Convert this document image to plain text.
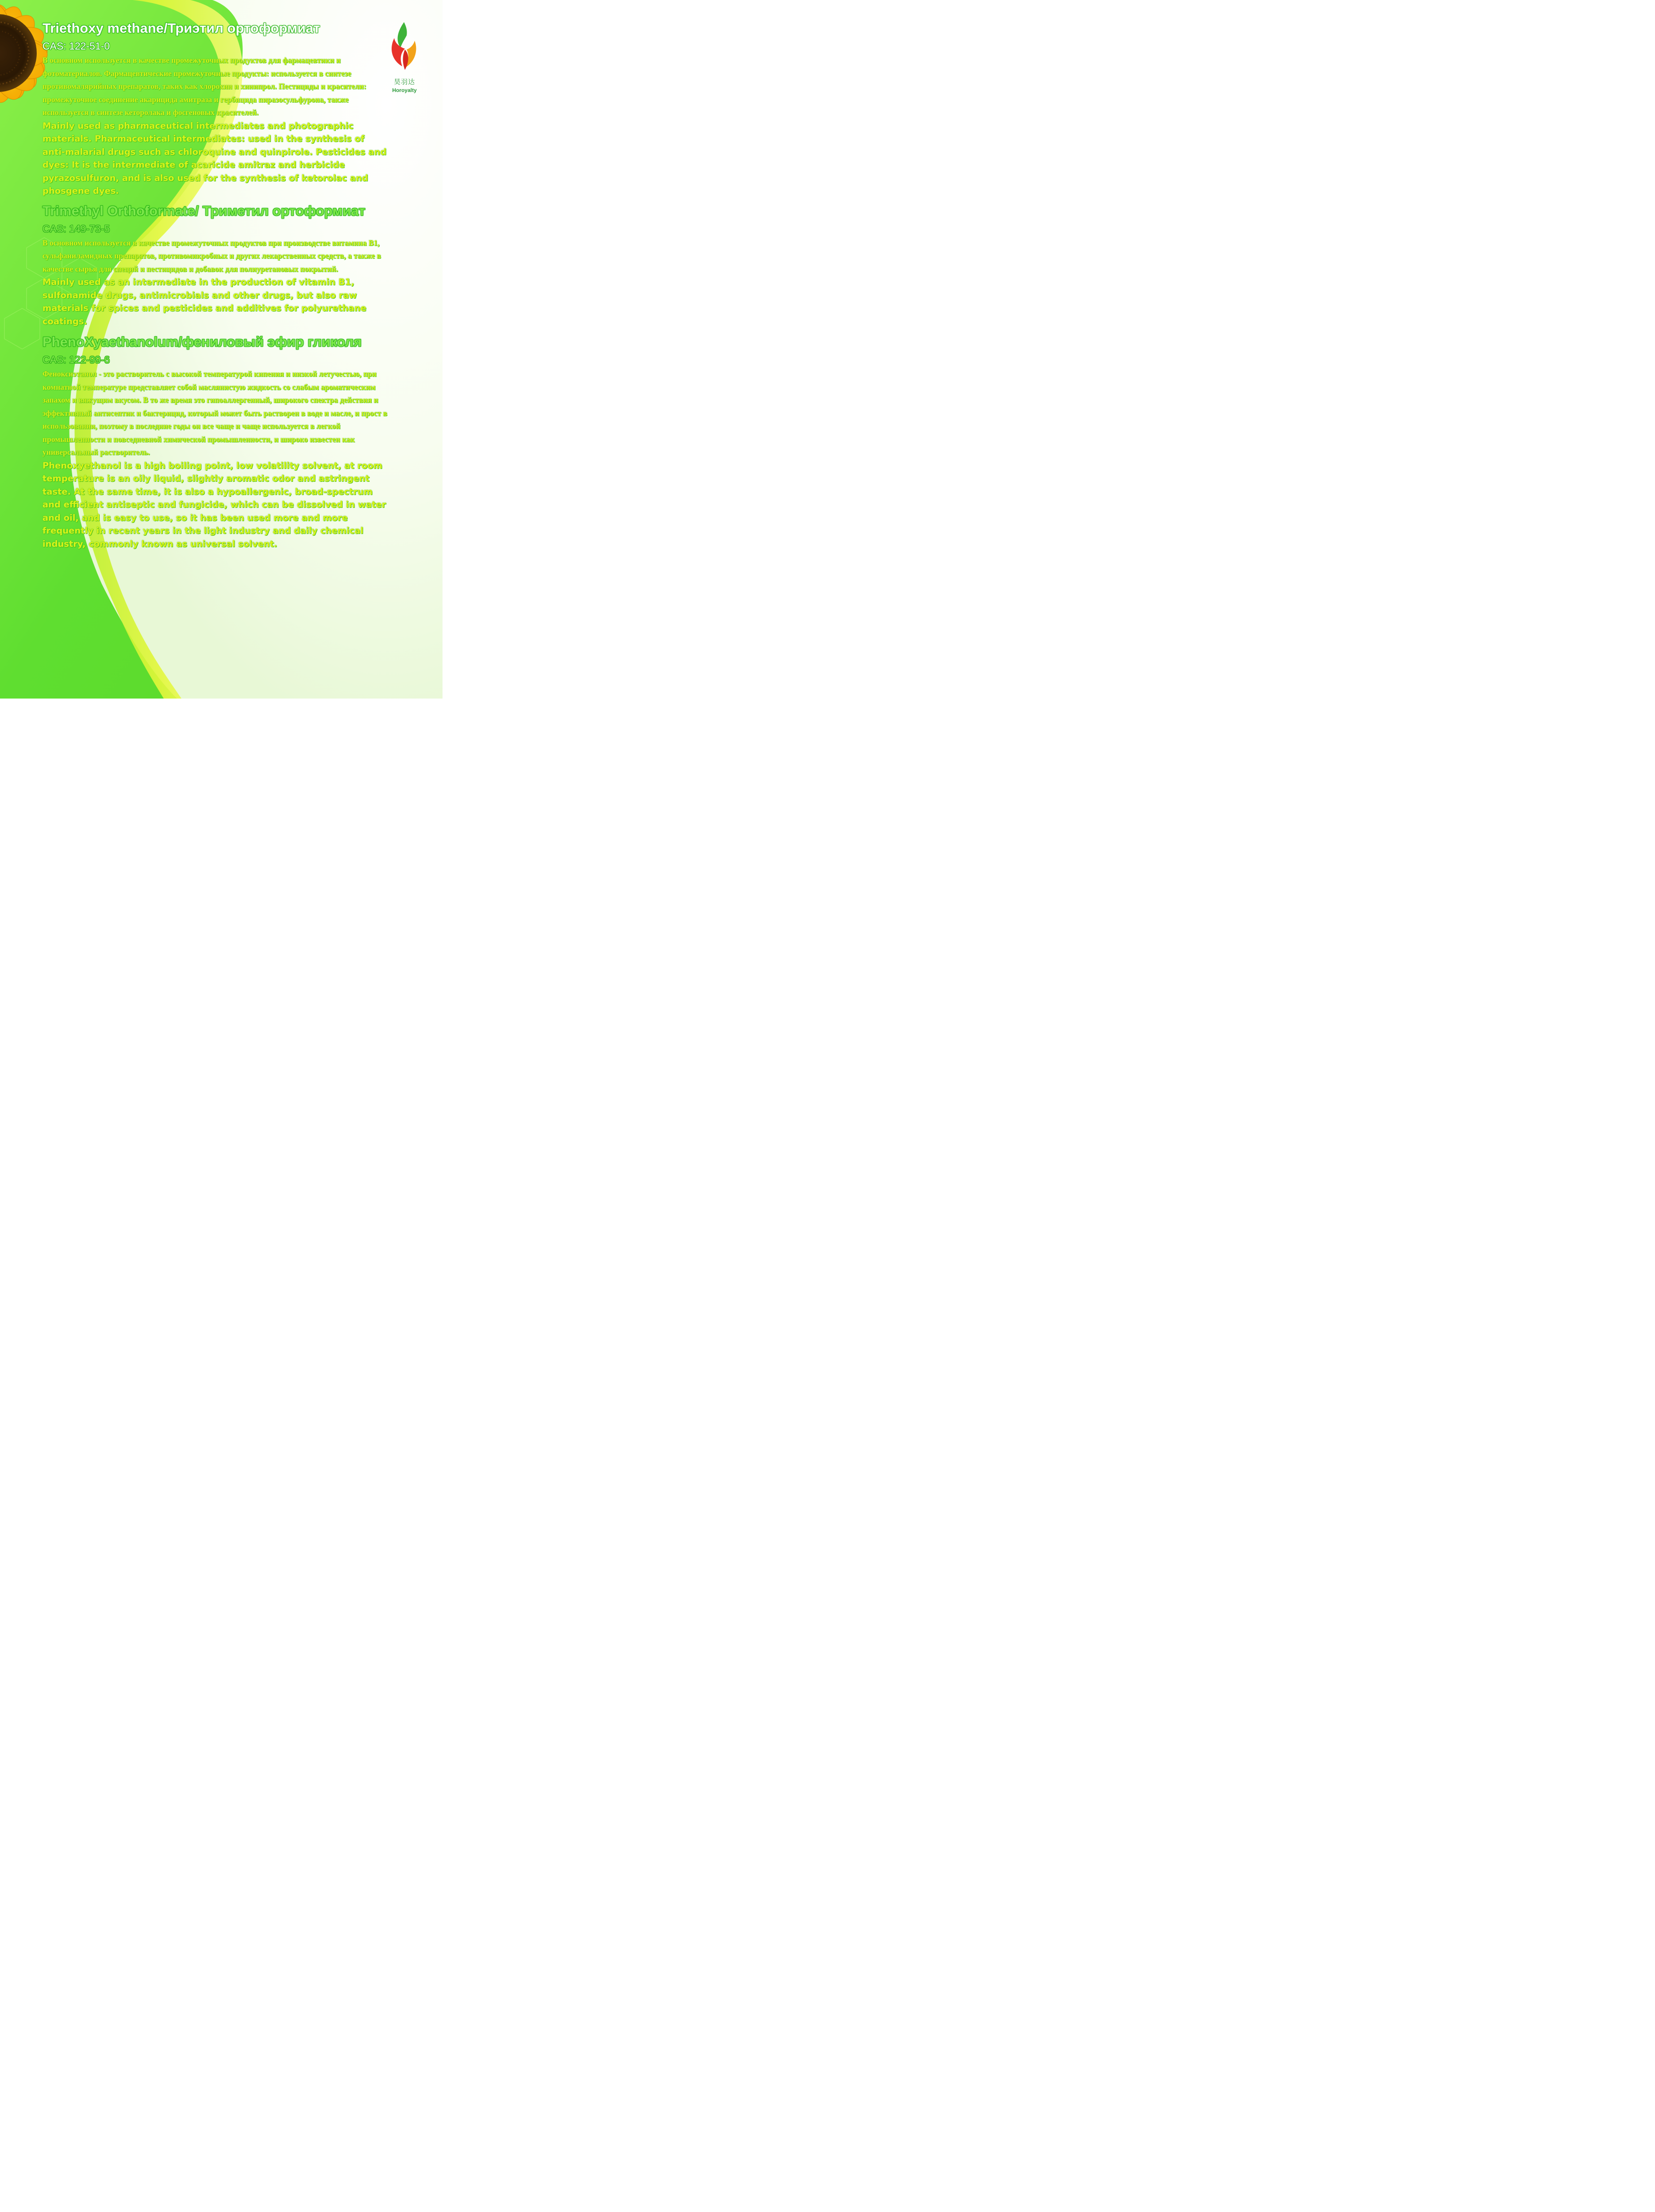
昊羽达
Horoyalty
Triethoxy methane/Триэтил ортоформиат
CAS: 122-51-0

В основном используется в качестве промежуточных продуктов для фармацевтики и фотоматериалов. Фармацевтические промежуточные продукты: используется в синтезе противомалярийных препаратов, таких как хлорохин и хинипрол. Пестициды и красители: промежуточное соединение акарицида амитраза и гербицида пиразосульфурона, также используется в синтезе кеторолака и фосгеновых красителей.

Mainly used as pharmaceutical intermediates and photographic materials. Pharmaceutical intermediates: used in the synthesis of anti-malarial drugs such as chloroquine and quinpirole. Pesticides and dyes: It is the intermediate of acaricide amitraz and herbicide pyrazosulfuron, and is also used for the synthesis of ketorolac and phosgene dyes.

Trimethyl Orthoformate/ Триметил ортоформиат
CAS: 149-73-5

В основном используется в качестве промежуточных продуктов при производстве витамина B1, сульфаниламидных препаратов, противомикробных и других лекарственных средств, а также в качестве сырья для специй и пестицидов и добавок для полиуретановых покрытий.

Mainly used as an intermediate in the production of vitamin B1, sulfonamide drugs, antimicrobials and other drugs, but also raw materials for spices and pesticides and additives for polyurethane coatings.

PhenoXyaethanolum/фениловый эфир гликоля
CAS: 122-99-6

Феноксиэтанол - это растворитель с высокой температурой кипения и низкой летучестью, при комнатной температуре представляет собой маслянистую жидкость со слабым ароматическим запахом и вяжущим вкусом. В то же время это гипоаллергенный, широкого спектра действия и эффективный антисептик и бактерицид, который может быть растворен в воде и масле, и прост в использовании, поэтому в последние годы он все чаще и чаще используется в легкой промышленности и повседневной химической промышленности, и широко известен как универсальный растворитель.

Phenoxyethanol is a high boiling point, low volatility solvent, at room temperature is an oily liquid, slightly aromatic odor and astringent taste. At the same time, it is also a hypoallergenic, broad-spectrum and efficient antiseptic and fungicide, which can be dissolved in water and oil, and is easy to use, so it has been used more and more frequently in recent years in the light industry and daily chemical industry, commonly known as universal solvent.
